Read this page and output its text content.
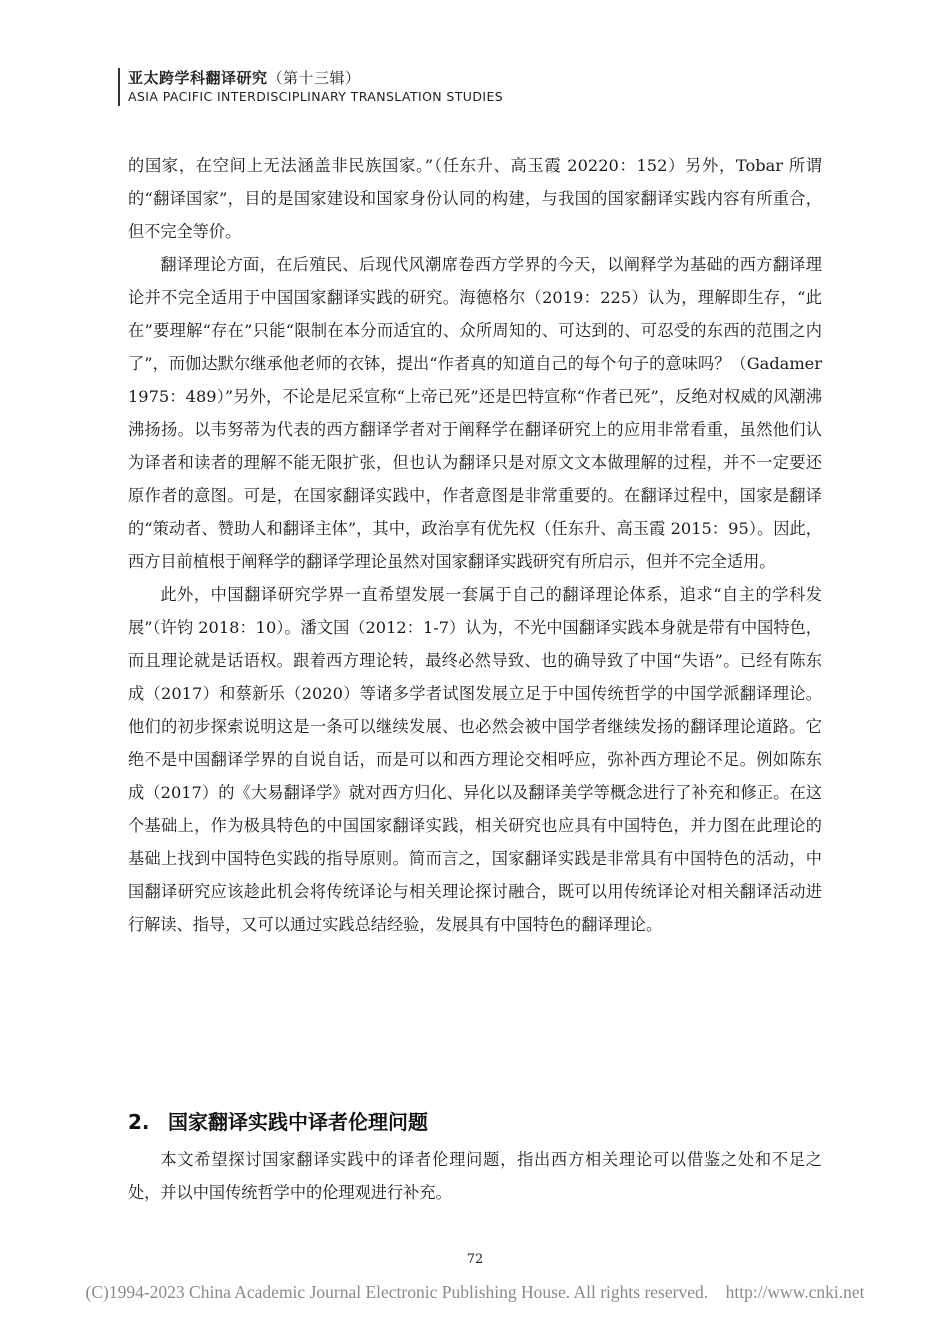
亚太跨学科翻译研究（第十三辑）
ASIA PACIFIC INTERDISCIPLINARY TRANSLATION STUDIES

的国家，在空间上无法涵盖非民族国家。”（任东升、高玉霞 20220：152）另外，Tobar 所谓的“翻译国家”，目的是国家建设和国家身份认同的构建，与我国的国家翻译实践内容有所重合，但不完全等价。

翻译理论方面，在后殖民、后现代风潮席卷西方学界的今天，以阐释学为基础的西方翻译理论并不完全适用于中国国家翻译实践的研究。海德格尔（2019：225）认为，理解即生存，“此在”要理解“存在”只能“限制在本分而适宜的、众所周知的、可达到的、可忍受的东西的范围之内了”，而伽达默尔继承他老师的衣钵，提出“作者真的知道自己的每个句子的意味吗？（Gadamer 1975：489）”另外，不论是尼采宣称“上帝已死”还是巴特宣称“作者已死”，反绝对权威的风潮沸沸扬扬。以韦努蒂为代表的西方翻译学者对于阐释学在翻译研究上的应用非常看重，虽然他们认为译者和读者的理解不能无限扩张，但也认为翻译只是对原文文本做理解的过程，并不一定要还原作者的意图。可是，在国家翻译实践中，作者意图是非常重要的。在翻译过程中，国家是翻译的“策动者、赞助人和翻译主体”，其中，政治享有优先权（任东升、高玉霞 2015：95）。因此，西方目前植根于阐释学的翻译学理论虽然对国家翻译实践研究有所启示，但并不完全适用。

此外，中国翻译研究学界一直希望发展一套属于自己的翻译理论体系，追求“自主的学科发展”（许钧 2018：10）。潘文国（2012：1-7）认为，不光中国翻译实践本身就是带有中国特色，而且理论就是话语权。跟着西方理论转，最终必然导致、也的确导致了中国“失语”。已经有陈东成（2017）和蔡新乐（2020）等诸多学者试图发展立足于中国传统哲学的中国学派翻译理论。他们的初步探索说明这是一条可以继续发展、也必然会被中国学者继续发扬的翻译理论道路。它绝不是中国翻译学界的自说自话，而是可以和西方理论交相呼应，弥补西方理论不足。例如陈东成（2017）的《大易翻译学》就对西方归化、异化以及翻译美学等概念进行了补充和修正。在这个基础上，作为极具特色的中国国家翻译实践，相关研究也应具有中国特色，并力图在此理论的基础上找到中国特色实践的指导原则。简而言之，国家翻译实践是非常具有中国特色的活动，中国翻译研究应该趁此机会将传统译论与相关理论探讨融合，既可以用传统译论对相关翻译活动进行解读、指导，又可以通过实践总结经验，发展具有中国特色的翻译理论。

2. 国家翻译实践中译者伦理问题

本文希望探讨国家翻译实践中的译者伦理问题，指出西方相关理论可以借鉴之处和不足之处，并以中国传统哲学中的伦理观进行补充。

72
(C)1994-2023 China Academic Journal Electronic Publishing House. All rights reserved.    http://www.cnki.net
